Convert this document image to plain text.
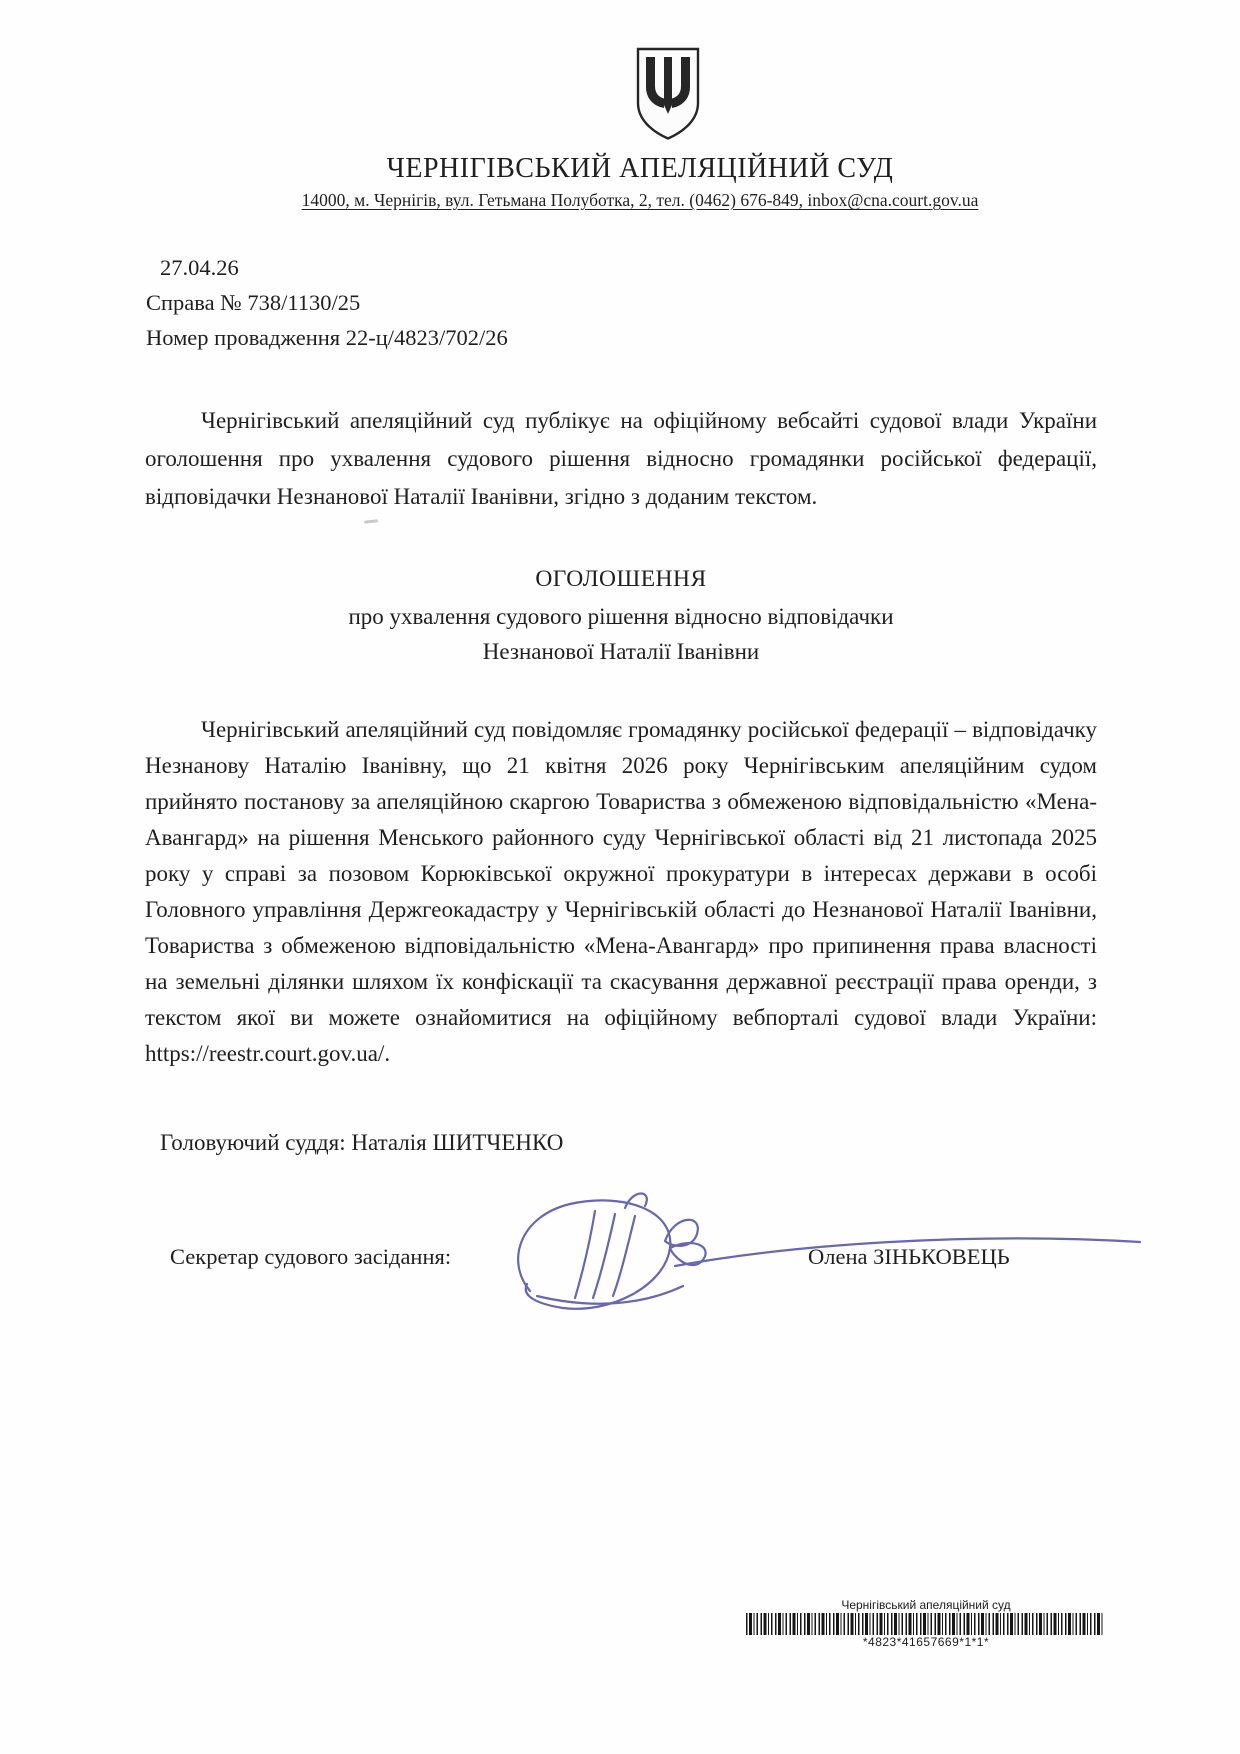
ЧЕРНІГІВСЬКИЙ АПЕЛЯЦІЙНИЙ СУД
14000, м. Чернігів, вул. Гетьмана Полуботка, 2, тел. (0462) 676-849, inbox@cna.court.gov.ua
27.04.26
Справа № 738/1130/25
Номер провадження 22-ц/4823/702/26
Чернігівський апеляційний суд публікує на офіційному вебсайті судової влади України оголошення про ухвалення судового рішення відносно громадянки російської федерації, відповідачки Незнанової Наталії Іванівни, згідно з доданим текстом.
ОГОЛОШЕННЯ
про ухвалення судового рішення відносно відповідачки
Незнанової Наталії Іванівни
Чернігівський апеляційний суд повідомляє громадянку російської федерації – відповідачку Незнанову Наталію Іванівну, що 21 квітня 2026 року Чернігівським апеляційним судом прийнято постанову за апеляційною скаргою Товариства з обмеженою відповідальністю «Мена-Авангард» на рішення Менського районного суду Чернігівської області від 21 листопада 2025 року у справі за позовом Корюківської окружної прокуратури в інтересах держави в особі Головного управління Держгеокадастру у Чернігівській області до Незнанової Наталії Іванівни, Товариства з обмеженою відповідальністю «Мена-Авангард» про припинення права власності на земельні ділянки шляхом їх конфіскації та скасування державної реєстрації права оренди, з текстом якої ви можете ознайомитися на офіційному вебпорталі судової влади України: https://reestr.court.gov.ua/.
Головуючий суддя: Наталія ШИТЧЕНКО
Секретар судового засідання:	Олена ЗІНЬКОВЕЦЬ
Чернігівський апеляційний суд
*4823*41657669*1*1*
